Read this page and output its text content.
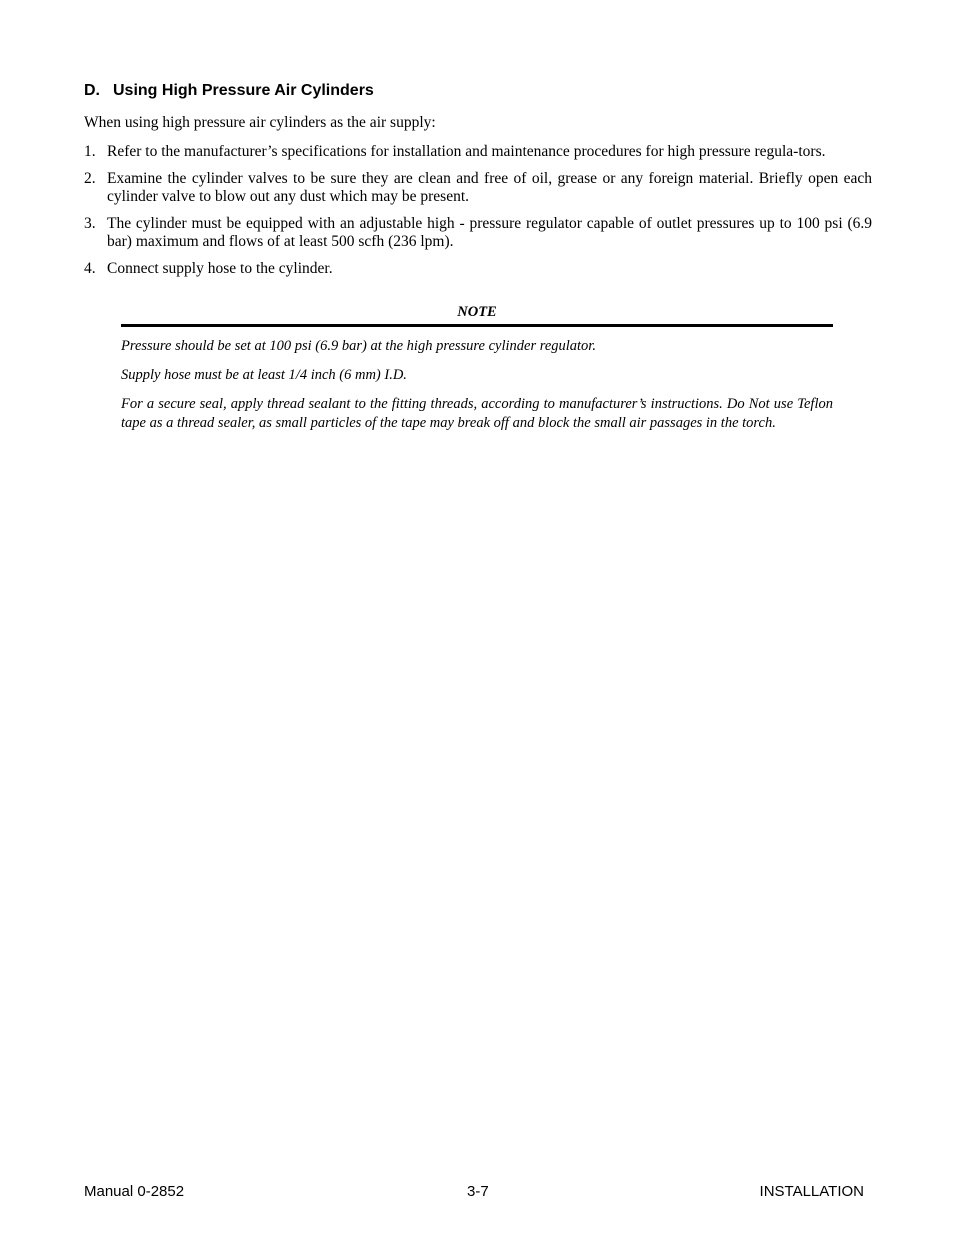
D. Using High Pressure Air Cylinders
When using high pressure air cylinders as the air supply:
1. Refer to the manufacturer’s specifications for installation and maintenance procedures for high pressure regula-tors.
2. Examine the cylinder valves to be sure they are clean and free of oil, grease or any foreign material. Briefly open each cylinder valve to blow out any dust which may be present.
3. The cylinder must be equipped with an adjustable high - pressure regulator capable of outlet pressures up to 100 psi (6.9 bar) maximum and flows of at least 500 scfh (236 lpm).
4. Connect supply hose to the cylinder.
NOTE

Pressure should be set at 100 psi (6.9 bar) at the high pressure cylinder regulator.

Supply hose must be at least 1/4 inch (6 mm) I.D.

For a secure seal, apply thread sealant to the fitting threads, according to manufacturer’s instructions. Do Not use Teflon tape as a thread sealer, as small particles of the tape may break off and block the small air passages in the torch.

Manual 0-2852	3-7	INSTALLATION
